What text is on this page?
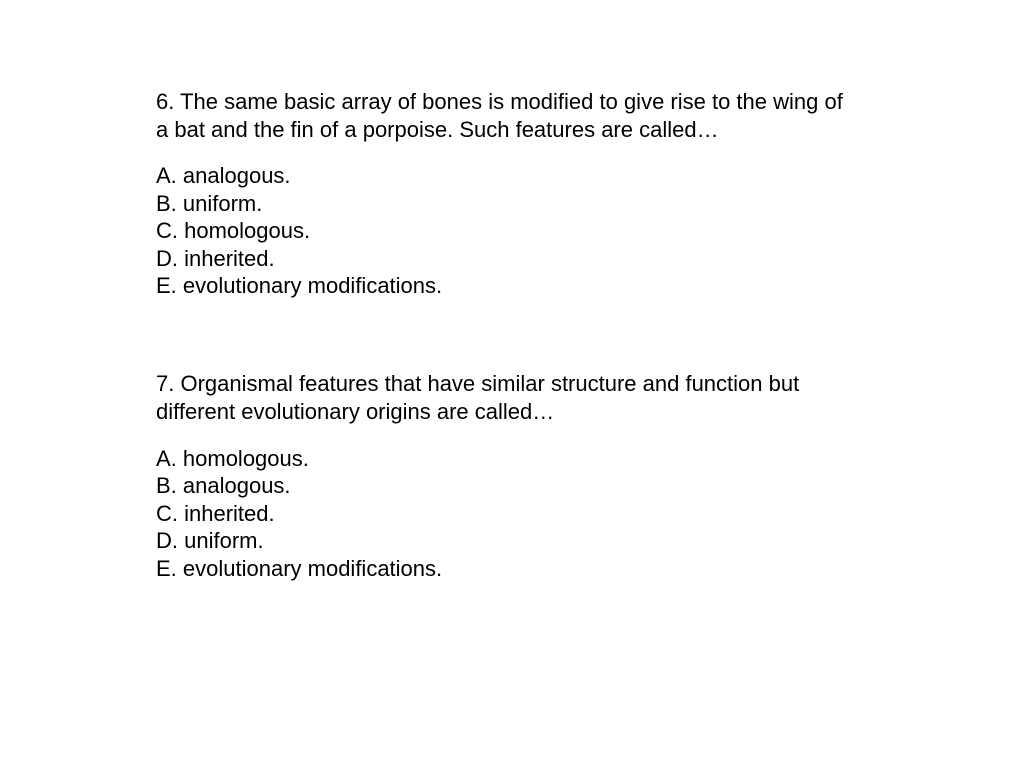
6. The same basic array of bones is modified to give rise to the wing of a bat and the fin of a porpoise. Such features are called…

A. analogous.
B. uniform.
C. homologous.
D. inherited.
E. evolutionary modifications.

7. Organismal features that have similar structure and function but different evolutionary origins are called…

A. homologous.
B. analogous.
C. inherited.
D. uniform.
E. evolutionary modifications.
